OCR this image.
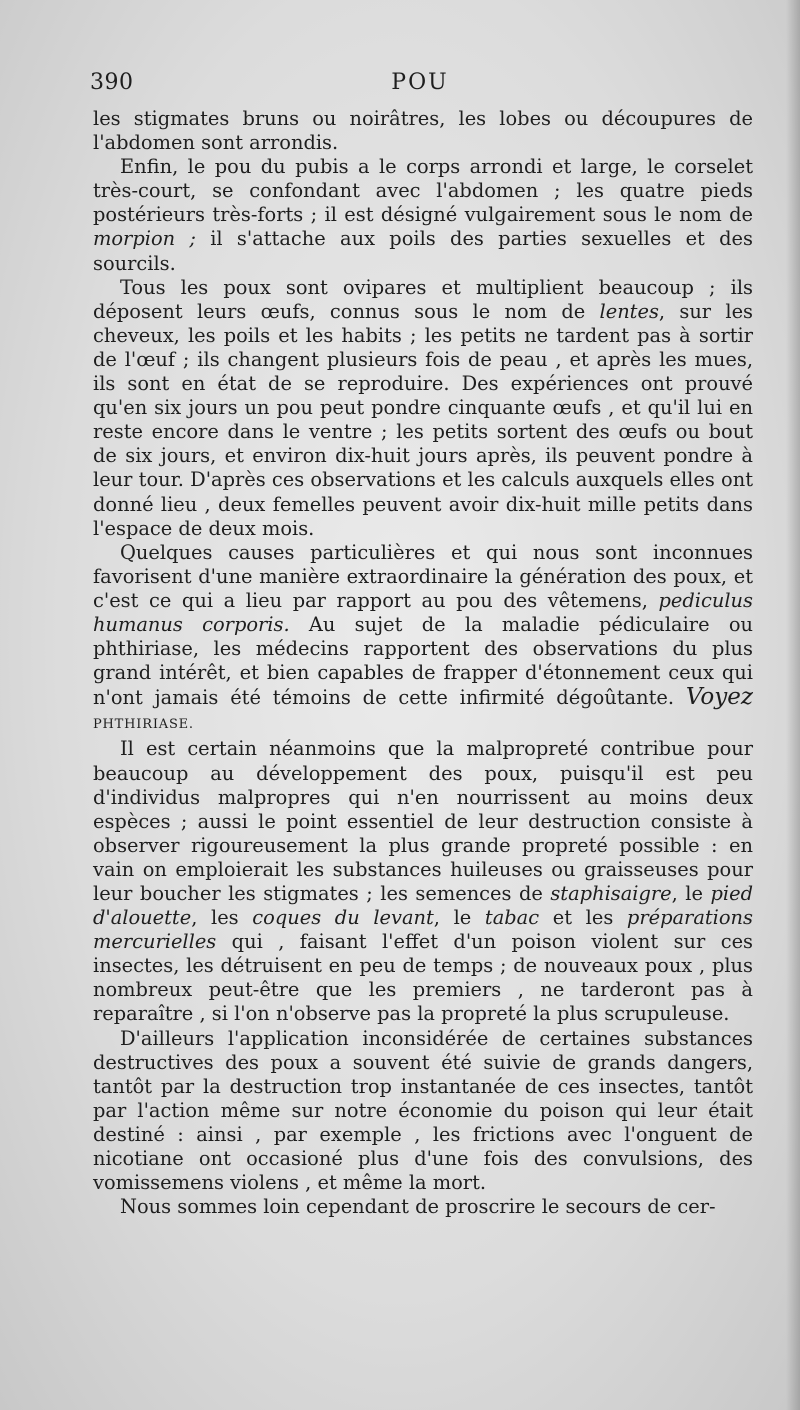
390	POU

les stigmates bruns ou noirâtres, les lobes ou découpures de l'abdomen sont arrondis.

Enfin, le pou du pubis a le corps arrondi et large, le corselet très-court, se confondant avec l'abdomen ; les quatre pieds postérieurs très-forts ; il est désigné vulgairement sous le nom de morpion ; il s'attache aux poils des parties sexuelles et des sourcils.

Tous les poux sont ovipares et multiplient beaucoup ; ils déposent leurs œufs, connus sous le nom de lentes, sur les cheveux, les poils et les habits ; les petits ne tardent pas à sortir de l'œuf ; ils changent plusieurs fois de peau , et après les mues, ils sont en état de se reproduire. Des expériences ont prouvé qu'en six jours un pou peut pondre cinquante œufs , et qu'il lui en reste encore dans le ventre ; les petits sortent des œufs ou bout de six jours, et environ dix-huit jours après, ils peuvent pondre à leur tour. D'après ces observations et les calculs auxquels elles ont donné lieu , deux femelles peuvent avoir dix-huit mille petits dans l'espace de deux mois.

Quelques causes particulières et qui nous sont inconnues favorisent d'une manière extraordinaire la génération des poux, et c'est ce qui a lieu par rapport au pou des vêtemens, pediculus humanus corporis. Au sujet de la maladie pédiculaire ou phthiriase, les médecins rapportent des observations du plus grand intérêt, et bien capables de frapper d'étonnement ceux qui n'ont jamais été témoins de cette infirmité dégoûtante. Voyez PHTHIRIASE.

Il est certain néanmoins que la malpropreté contribue pour beaucoup au développement des poux, puisqu'il est peu d'individus malpropres qui n'en nourrissent au moins deux espèces ; aussi le point essentiel de leur destruction consiste à observer rigoureusement la plus grande propreté possible : en vain on emploierait les substances huileuses ou graisseuses pour leur boucher les stigmates ; les semences de staphisaigre, le pied d'alouette, les coques du levant, le tabac et les préparations mercurielles qui , faisant l'effet d'un poison violent sur ces insectes, les détruisent en peu de temps ; de nouveaux poux , plus nombreux peut-être que les premiers , ne tarderont pas à reparaître , si l'on n'observe pas la propreté la plus scrupuleuse.

D'ailleurs l'application inconsidérée de certaines substances destructives des poux a souvent été suivie de grands dangers, tantôt par la destruction trop instantanée de ces insectes, tantôt par l'action même sur notre économie du poison qui leur était destiné : ainsi , par exemple , les frictions avec l'onguent de nicotiane ont occasioné plus d'une fois des convulsions, des vomissemens violens , et même la mort.

Nous sommes loin cependant de proscrire le secours de cer-
